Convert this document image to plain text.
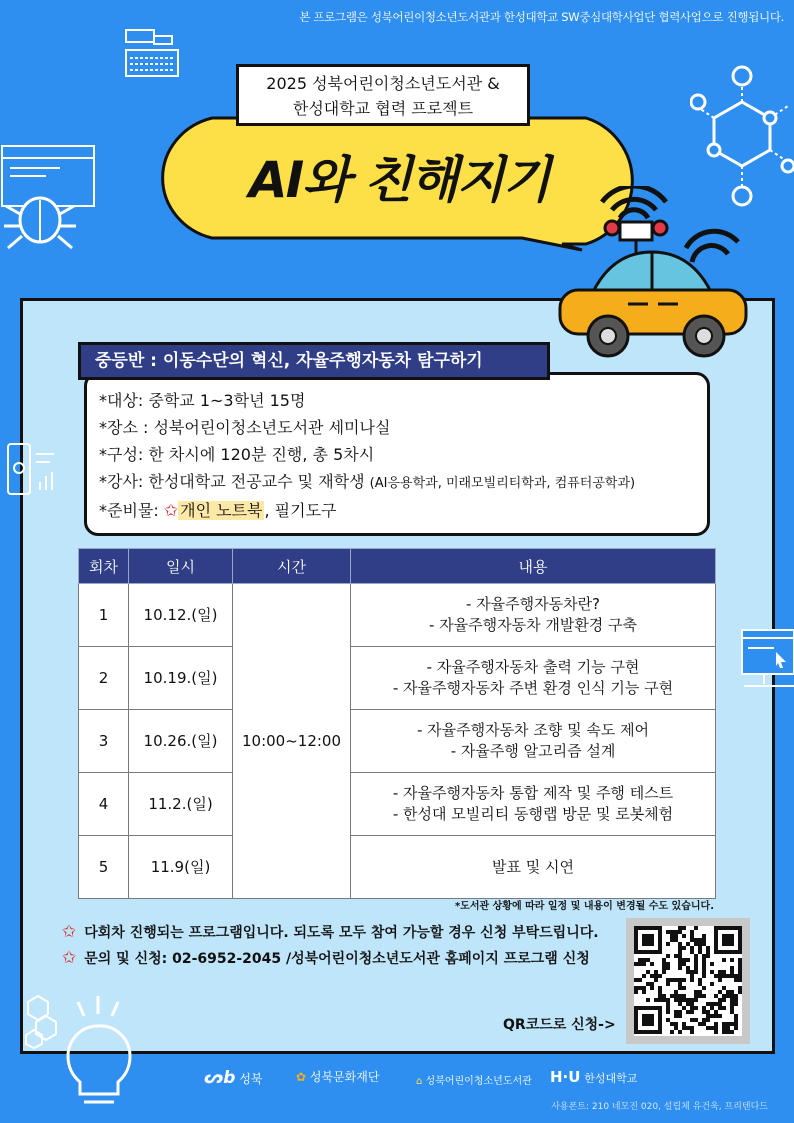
본 프로그램은 성북어린이청소년도서관과 한성대학교 SW중심대학사업단 협력사업으로 진행됩니다.
2025 성북어린이청소년도서관 &
한성대학교 협력 프로젝트
AI와 친해지기
중등반 : 이동수단의 혁신, 자율주행자동차 탐구하기
*대상: 중학교 1~3학년 15명
*장소 : 성북어린이청소년도서관 세미나실
*구성: 한 차시에 120분 진행, 총 5차시
*강사: 한성대학교 전공교수 및 재학생 (AI응용학과, 미래모빌리티학과, 컴퓨터공학과)
*준비물: ✩ 개인 노트북 , 필기도구
회차	일시	시간	내용
1	10.12.(일)	10:00~12:00	- 자율주행자동차란?
- 자율주행자동차 개발환경 구축

2	10.19.(일)		- 자율주행자동차 출력 기능 구현
- 자율주행자동차 주변 환경 인식 기능 구현

3	10.26.(일)		- 자율주행자동차 조향 및 속도 제어
- 자율주행 알고리즘 설계

4	11.2.(일)		- 자율주행자동차 통합 제작 및 주행 테스트
- 한성대 모빌리티 동행랩 방문 및 로봇체험

5	11.9(일)		발표 및 시연
*도서관 상황에 따라 일정 및 내용이 변경될 수도 있습니다.
✩ 다회차 진행되는 프로그램입니다. 되도록 모두 참여 가능할 경우 신청 부탁드립니다.
✩ 문의 및 신청: 02-6952-2045 /성북어린이청소년도서관 홈페이지 프로그램 신청
QR코드로 신청->
ᔕb 성북	✿ 성북문화재단	⌂ 성북어린이청소년도서관 H·U 한성대학교
사용폰트: 210 네모진 020, 설립체 유건욱, 프리텐다드
